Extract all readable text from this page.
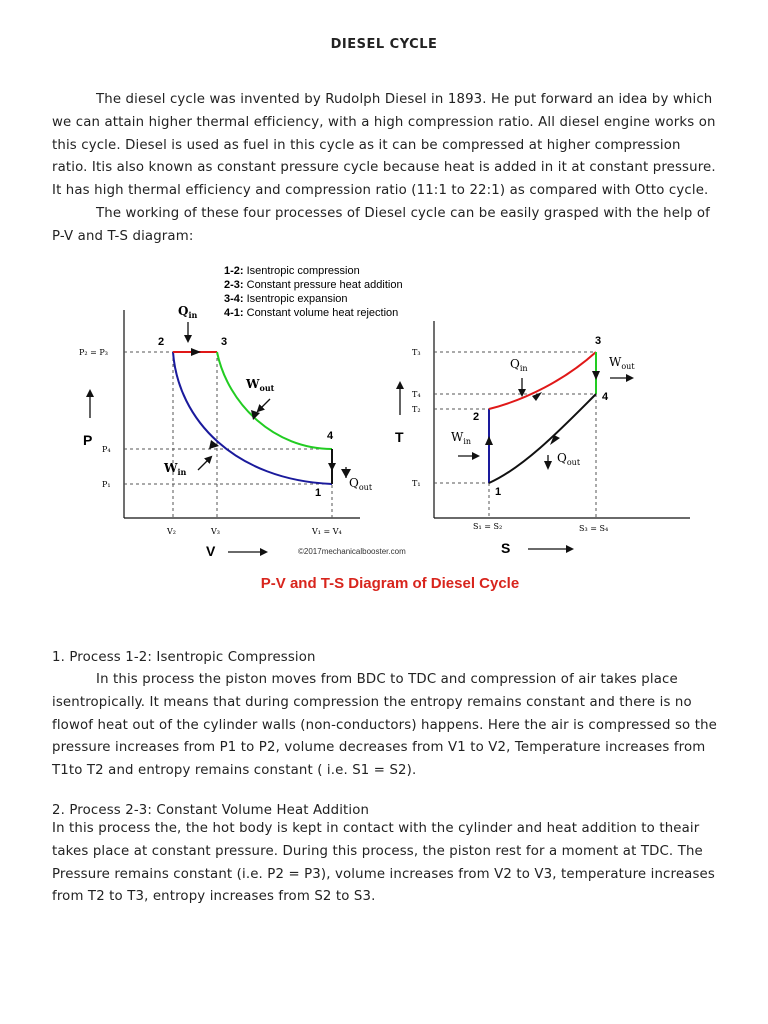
DIESEL CYCLE

The diesel cycle was invented by Rudolph Diesel in 1893. He put forward an idea by which we can attain higher thermal efficiency, with a high compression ratio. All diesel engine works on this cycle. Diesel is used as fuel in this cycle as it can be compressed at higher compression ratio. Itis also known as constant pressure cycle because heat is added in it at constant pressure. It has high thermal efficiency and compression ratio (11:1 to 22:1) as compared with Otto cycle.

The working of these four processes of Diesel cycle can be easily grasped with the help of P-V and T-S diagram:

1-2: Isentropic compression
2-3: Constant pressure heat addition
3-4: Isentropic expansion
4-1: Constant volume heat rejection
$Q_{in}$
$Q_{out}$
$W_{in}$
$W_{out}$
2	3
4
1
P
V
P₂ = P₃
P₄
P₁
V₂	V₃	V₁ = V₄
©2017mechanicalbooster.com
$Q_{in}$
$Q_{out}$
$W_{in}$
$W_{out}$
3
4
2
1
T
S
T₃
T₄
T₂
T₁
S₁ = S₂	S₃ = S₄
P-V and T-S Diagram of Diesel Cycle
1. Process 1-2: Isentropic Compression

In this process the piston moves from BDC to TDC and compression of air takes place isentropically. It means that during compression the entropy remains constant and there is no flowof heat out of the cylinder walls (non-conductors) happens. Here the air is compressed so the pressure increases from P1 to P2, volume decreases from V1 to V2, Temperature increases from T1to T2 and entropy remains constant ( i.e. S1 = S2).

2. Process 2-3: Constant Volume Heat Addition

In this process the, the hot body is kept in contact with the cylinder and heat addition to theair takes place at constant pressure. During this process, the piston rest for a moment at TDC. The Pressure remains constant (i.e. P2 = P3), volume increases from V2 to V3, temperature increases from T2 to T3, entropy increases from S2 to S3.
